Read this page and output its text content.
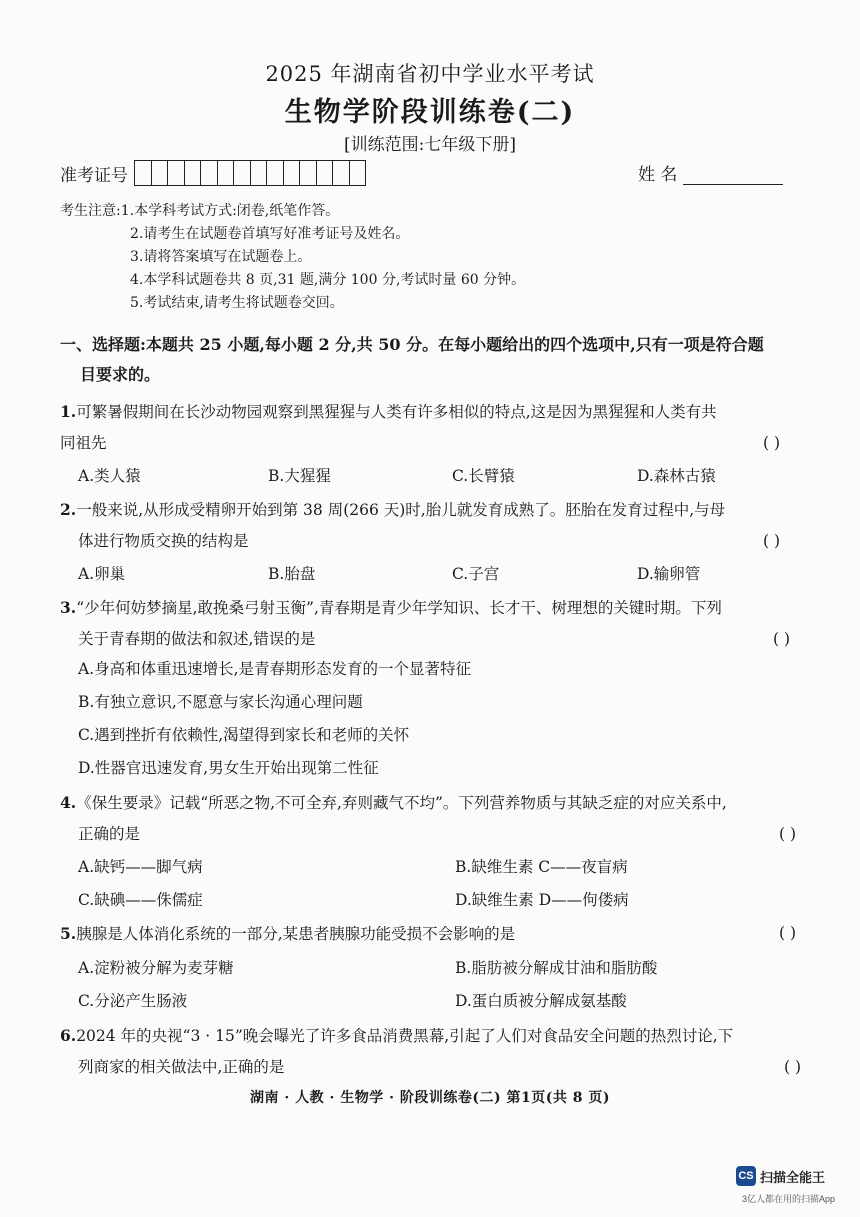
2025 年湖南省初中学业水平考试
生物学阶段训练卷(二)
[训练范围:七年级下册]
准考证号	姓 名
考生注意:1.本学科考试方式:闭卷,纸笔作答。
2.请考生在试题卷首填写好准考证号及姓名。
3.请将答案填写在试题卷上。
4.本学科试题卷共 8 页,31 题,满分 100 分,考试时量 60 分钟。
5.考试结束,请考生将试题卷交回。
一、选择题:本题共 25 小题,每小题 2 分,共 50 分。在每小题给出的四个选项中,只有一项是符合题
目要求的。
1.可繁暑假期间在长沙动物园观察到黑猩猩与人类有许多相似的特点,这是因为黑猩猩和人类有共
同祖先	( )
A.类人猿	B.大猩猩	C.长臂猿	D.森林古猿
2.一般来说,从形成受精卵开始到第 38 周(266 天)时,胎儿就发育成熟了。胚胎在发育过程中,与母
体进行物质交换的结构是	( )
A.卵巢	B.胎盘	C.子宫	D.输卵管
3.“少年何妨梦摘星,敢挽桑弓射玉衡”,青春期是青少年学知识、长才干、树理想的关键时期。下列
关于青春期的做法和叙述,错误的是	( )
A.身高和体重迅速增长,是青春期形态发育的一个显著特征
B.有独立意识,不愿意与家长沟通心理问题
C.遇到挫折有依赖性,渴望得到家长和老师的关怀
D.性器官迅速发育,男女生开始出现第二性征
4.《保生要录》记载“所恶之物,不可全弃,弃则藏气不均”。下列营养物质与其缺乏症的对应关系中,
正确的是	( )
A.缺钙——脚气病	B.缺维生素 C——夜盲病
C.缺碘——侏儒症	D.缺维生素 D——佝偻病
5.胰腺是人体消化系统的一部分,某患者胰腺功能受损不会影响的是	( )
A.淀粉被分解为麦芽糖	B.脂肪被分解成甘油和脂肪酸
C.分泌产生肠液	D.蛋白质被分解成氨基酸
6.2024 年的央视“3 · 15”晚会曝光了许多食品消费黑幕,引起了人们对食品安全问题的热烈讨论,下
列商家的相关做法中,正确的是	( )
湖南 · 人教 · 生物学 · 阶段训练卷(二) 第1页(共 8 页)
CS 扫描全能王
3亿人都在用的扫描App
